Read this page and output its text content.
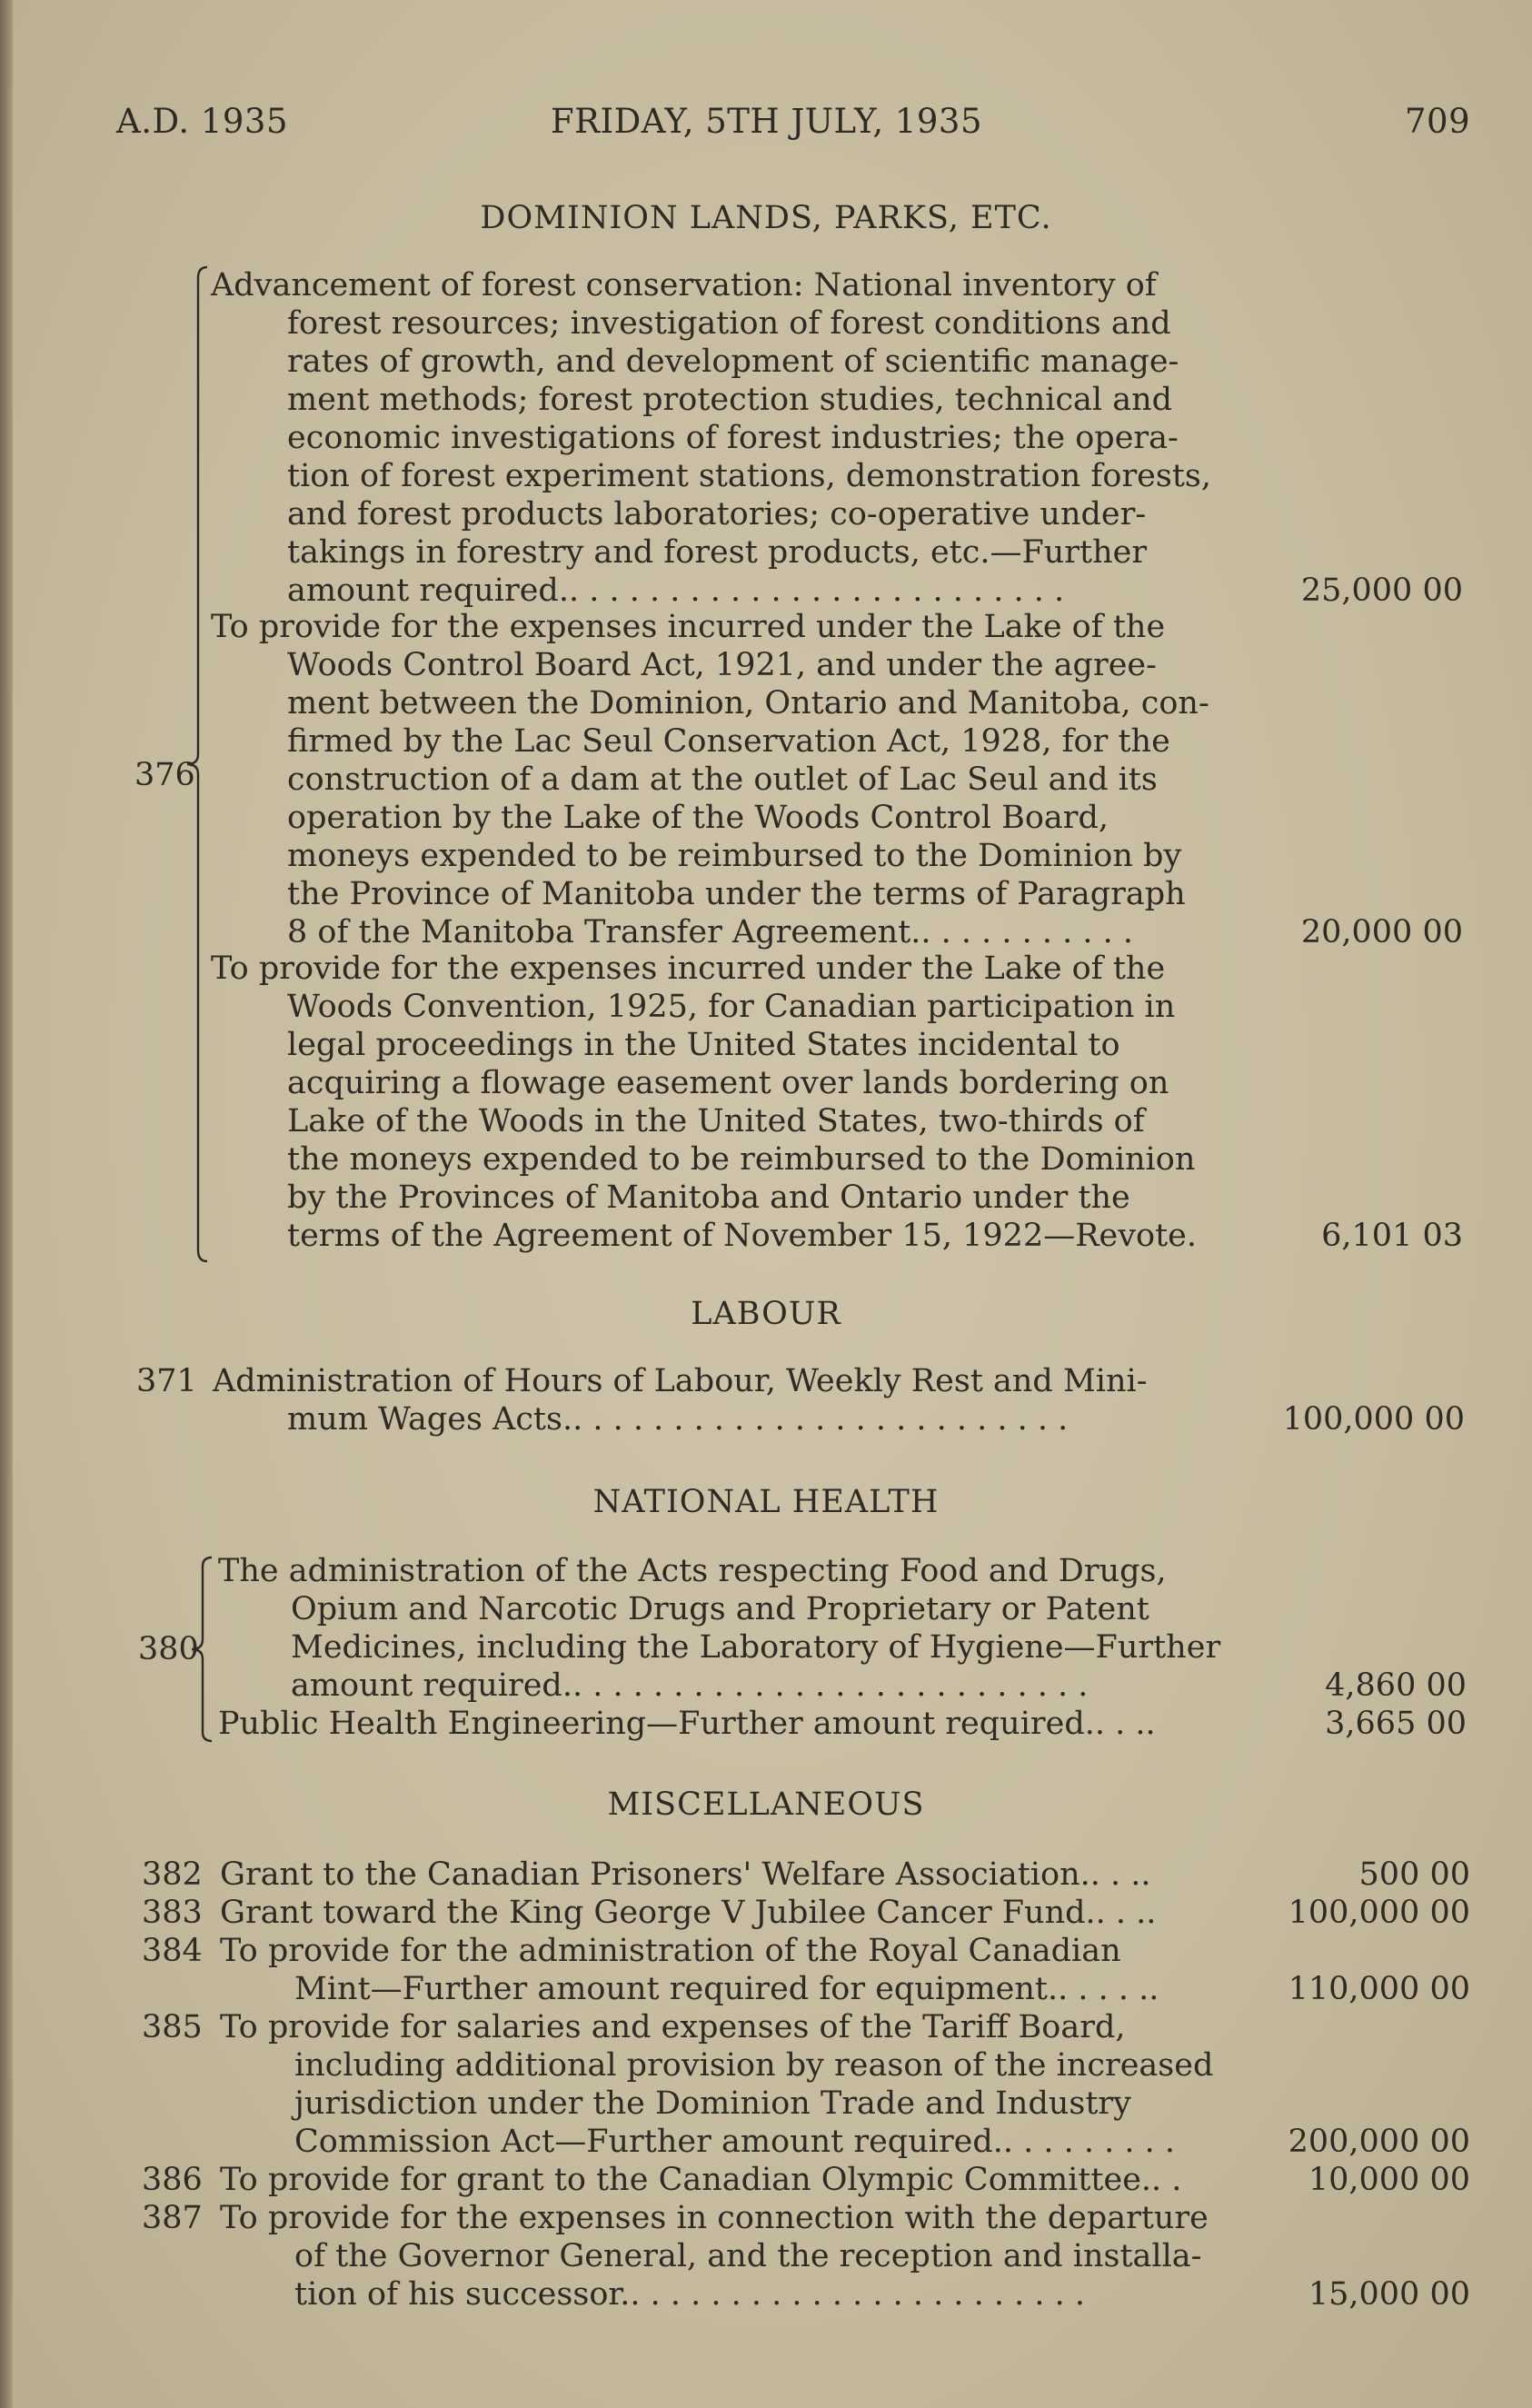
A.D. 1935	FRIDAY, 5TH JULY, 1935	709
DOMINION LANDS, PARKS, ETC.
376
Advancement of forest conservation: National inventory of
forest resources; investigation of forest conditions and
rates of growth, and development of scientific manage-
ment methods; forest protection studies, technical and
economic investigations of forest industries; the opera-
tion of forest experiment stations, demonstration forests,
and forest products laboratories; co-operative under-
takings in forestry and forest products, etc.—Further
amount required.. . . . . . . . . . . . . . . . . . . . . . . . .	25,000 00
To provide for the expenses incurred under the Lake of the
Woods Control Board Act, 1921, and under the agree-
ment between the Dominion, Ontario and Manitoba, con-
firmed by the Lac Seul Conservation Act, 1928, for the
construction of a dam at the outlet of Lac Seul and its
operation by the Lake of the Woods Control Board,
moneys expended to be reimbursed to the Dominion by
the Province of Manitoba under the terms of Paragraph
8 of the Manitoba Transfer Agreement.. . . . . . . . . . .	20,000 00
To provide for the expenses incurred under the Lake of the
Woods Convention, 1925, for Canadian participation in
legal proceedings in the United States incidental to
acquiring a flowage easement over lands bordering on
Lake of the Woods in the United States, two-thirds of
the moneys expended to be reimbursed to the Dominion
by the Provinces of Manitoba and Ontario under the
terms of the Agreement of November 15, 1922—Revote.	6,101 03
LABOUR
371 Administration of Hours of Labour, Weekly Rest and Mini-
mum Wages Acts.. . . . . . . . . . . . . . . . . . . . . . . . .	100,000 00
NATIONAL HEALTH
380
The administration of the Acts respecting Food and Drugs,
Opium and Narcotic Drugs and Proprietary or Patent
Medicines, including the Laboratory of Hygiene—Further
amount required.. . . . . . . . . . . . . . . . . . . . . . . . . .	4,860 00
Public Health Engineering—Further amount required.. . ..	3,665 00
MISCELLANEOUS
382 Grant to the Canadian Prisoners' Welfare Association.. . ..	500 00
383 Grant toward the King George V Jubilee Cancer Fund.. . ..	100,000 00
384 To provide for the administration of the Royal Canadian
Mint—Further amount required for equipment.. . . . ..	110,000 00
385 To provide for salaries and expenses of the Tariff Board,
including additional provision by reason of the increased
jurisdiction under the Dominion Trade and Industry
Commission Act—Further amount required.. . . . . . . . .	200,000 00
386 To provide for grant to the Canadian Olympic Committee.. .	10,000 00
387 To provide for the expenses in connection with the departure
of the Governor General, and the reception and installa-
tion of his successor.. . . . . . . . . . . . . . . . . . . . . . .	15,000 00
